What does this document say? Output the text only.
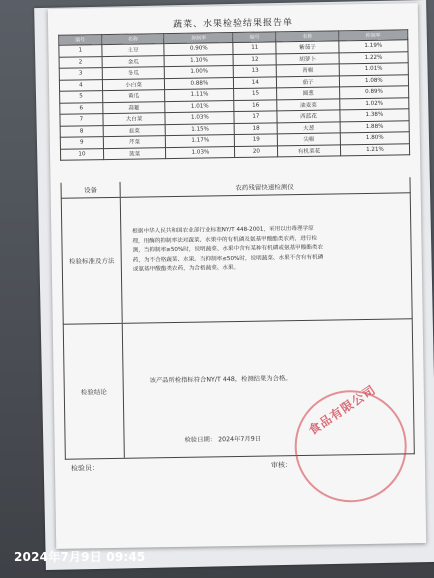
蔬菜、水果检验结果报告单
编号	名称	抑制率	编号	名称	抑制率
1	土豆	0.90%	11	紫茄子	1.19%
2	金瓜	1.10%	12	胡萝卜	1.22%
3	冬瓜	1.00%	13	青椒	1.01%
4	小白菜	0.88%	14	茄子	1.08%
5	黄瓜	1.11%	15	圆葱	0.89%
6	蒜薹	1.01%	16	油麦菜	1.02%
7	大白菜	1.03%	17	西蓝花	1.38%
8	韭菜	1.15%	18	大葱	1.88%
9	芹菜	1.17%	19	尖椒	1.80%
10	菠菜	1.03%	20	有机菜花	1.21%
设备	农药残留快速检测仪
检验标准及方法
根据中华人民共和国农业部行业标准NY/T 448-2001，采用以出毒理学原
理，用酶的抑制率法对蔬菜、水果中的有机磷及氨基甲酸酯类农药，进行检
测，当抑制率≥50%时，说明蔬菜、水果中含有某种有机磷或氨基甲酸酯类农
药，为不合格蔬菜、水果。当抑制率≤50%时，说明蔬菜、水果不含有有机磷
或氨基甲酸酯类农药，为合格蔬菜、水果。
检验结论
该产品所检指标符合NY/T 448，检测结果为合格。
检验日期： 2024年7月9日
检验员：	审核：
食品有限公司
2024年7月9日 09:45
